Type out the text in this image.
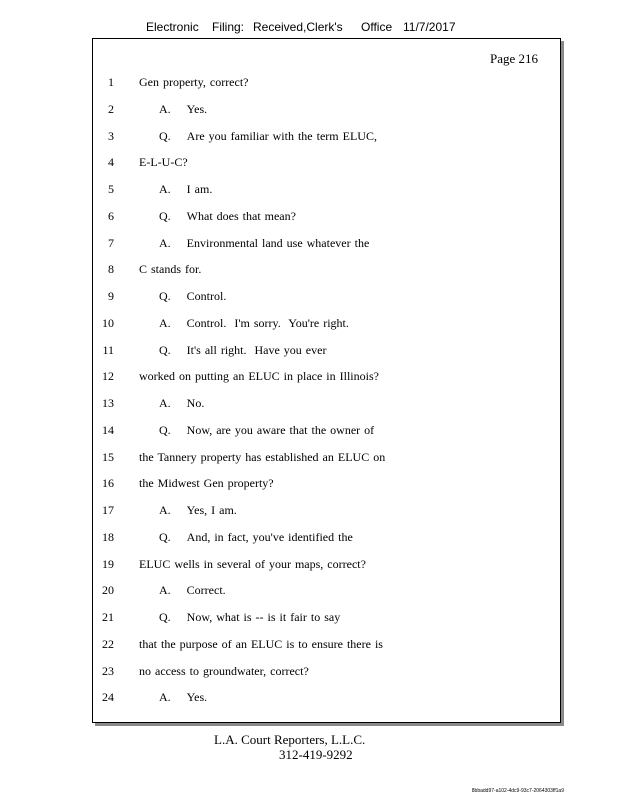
Electronic Filing: Received,Clerk's Office 11/7/2017
Page 216
1 Gen property, correct?
2	A. Yes.
3	Q. Are you familiar with the term ELUC,
4 E-L-U-C?
5	A. I am.
6	Q. What does that mean?
7	A. Environmental land use whatever the
8 C stands for.
9	Q. Control.
10	A. Control.  I'm sorry.  You're right.
11	Q. It's all right.  Have you ever
12 worked on putting an ELUC in place in Illinois?
13	A. No.
14	Q. Now, are you aware that the owner of
15 the Tannery property has established an ELUC on
16 the Midwest Gen property?
17	A. Yes, I am.
18	Q. And, in fact, you've identified the
19 ELUC wells in several of your maps, correct?
20	A. Correct.
21	Q. Now, what is -- is it fair to say
22 that the purpose of an ELUC is to ensure there is
23 no access to groundwater, correct?
24	A. Yes.
L.A. Court Reporters, L.L.C.
312-419-9292
8bbadd97-a102-4dc9-93c7-2064303ff1a9
